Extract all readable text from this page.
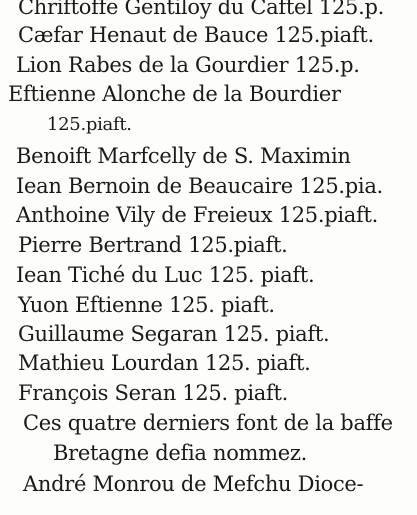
Chriftoffe Gentiloy du Caftel 125.p.
Cæfar Henaut de Bauce 125.piaft.
Lion Rabes de la Gourdier 125.p.
Eftienne Alonche de la Bourdier
125.piaft.
Benoift Marfcelly de S. Maximin
Iean Bernoin de Beaucaire 125.pia.
Anthoine Vily de Freieux 125.piaft.
Pierre Bertrand 125.piaft.
Iean Tiché du Luc 125. piaft.
Yuon Eftienne 125. piaft.
Guillaume Segaran 125. piaft.
Mathieu Lourdan 125. piaft.
François Seran 125. piaft.
Ces quatre derniers font de la baffe
Bretagne defia nommez.
André Monrou de Mefchu Dioce-
